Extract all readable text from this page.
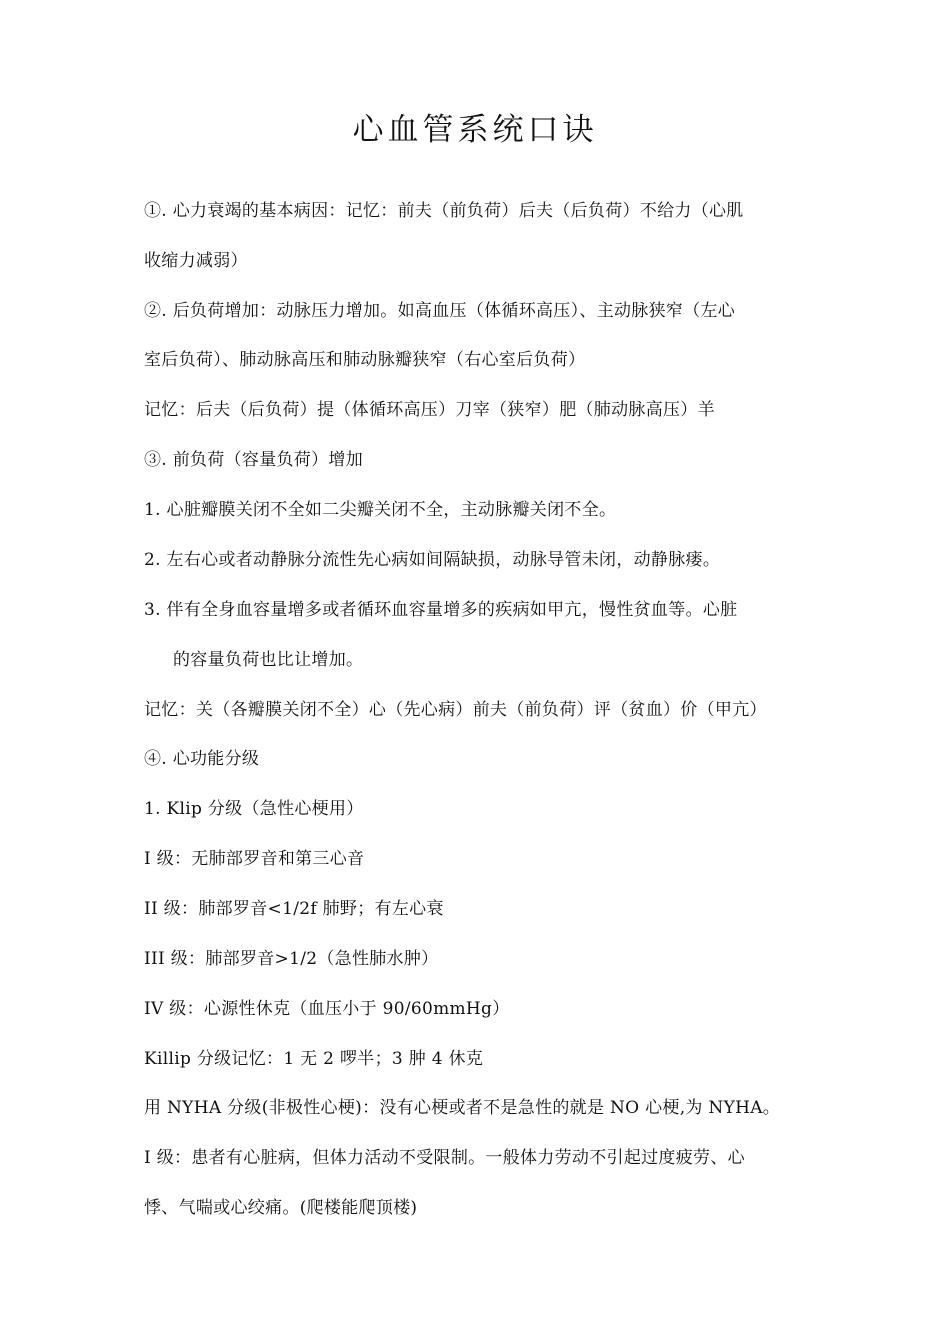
心血管系统口诀
①. 心力衰竭的基本病因：记忆：前夫（前负荷）后夫（后负荷）不给力（心肌
收缩力减弱）
②. 后负荷增加：动脉压力增加。如高血压（体循环高压）、主动脉狭窄（左心
室后负荷）、肺动脉高压和肺动脉瓣狭窄（右心室后负荷）
记忆：后夫（后负荷）提（体循环高压）刀宰（狭窄）肥（肺动脉高压）羊
③. 前负荷（容量负荷）增加
1. 心脏瓣膜关闭不全如二尖瓣关闭不全，主动脉瓣关闭不全。
2. 左右心或者动静脉分流性先心病如间隔缺损，动脉导管未闭，动静脉瘘。
3. 伴有全身血容量增多或者循环血容量增多的疾病如甲亢，慢性贫血等。心脏
的容量负荷也比让增加。
记忆：关（各瓣膜关闭不全）心（先心病）前夫（前负荷）评（贫血）价（甲亢）
④. 心功能分级
1. Klip 分级（急性心梗用）
I 级：无肺部罗音和第三心音
II 级：肺部罗音<1/2f 肺野；有左心衰
III 级：肺部罗音>1/2（急性肺水肿）
IV 级：心源性休克（血压小于 90/60mmHg）
Killip 分级记忆：1 无 2 啰半；3 肿 4 休克
用 NYHA 分级(非极性心梗)：没有心梗或者不是急性的就是 NO 心梗,为 NYHA。
I 级：患者有心脏病，但体力活动不受限制。一般体力劳动不引起过度疲劳、心
悸、气喘或心绞痛。(爬楼能爬顶楼)
